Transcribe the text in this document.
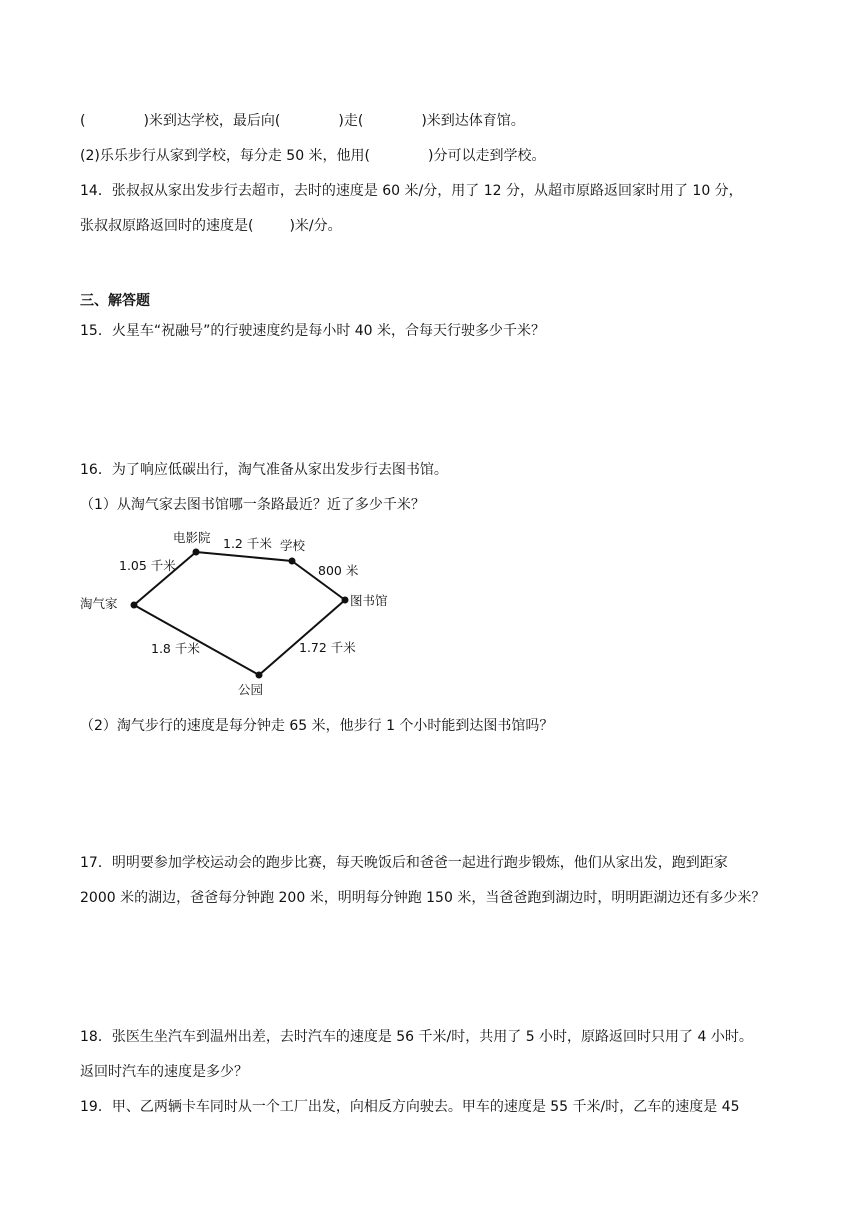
(	)米到达学校，最后向(	)走(	)米到达体育馆。
(2)乐乐步行从家到学校，每分走 50 米，他用(	)分可以走到学校。
14．张叔叔从家出发步行去超市，去时的速度是 60 米/分，用了 12 分，从超市原路返回家时用了 10 分，
张叔叔原路返回时的速度是(	)米/分。
三、解答题
15．火星车“祝融号”的行驶速度约是每小时 40 米，合每天行驶多少千米？
16．为了响应低碳出行，淘气准备从家出发步行去图书馆。
（1）从淘气家去图书馆哪一条路最近？近了多少千米？
淘气家
电影院
学校
图书馆
公园
1.05 千米
1.2 千米
800 米
1.8 千米	1.72 千米
（2）淘气步行的速度是每分钟走 65 米，他步行 1 个小时能到达图书馆吗？
17．明明要参加学校运动会的跑步比赛，每天晚饭后和爸爸一起进行跑步锻炼，他们从家出发，跑到距家
2000 米的湖边，爸爸每分钟跑 200 米，明明每分钟跑 150 米，当爸爸跑到湖边时，明明距湖边还有多少米？
18．张医生坐汽车到温州出差，去时汽车的速度是 56 千米/时，共用了 5 小时，原路返回时只用了 4 小时。
返回时汽车的速度是多少？
19．甲、乙两辆卡车同时从一个工厂出发，向相反方向驶去。甲车的速度是 55 千米/时，乙车的速度是 45
